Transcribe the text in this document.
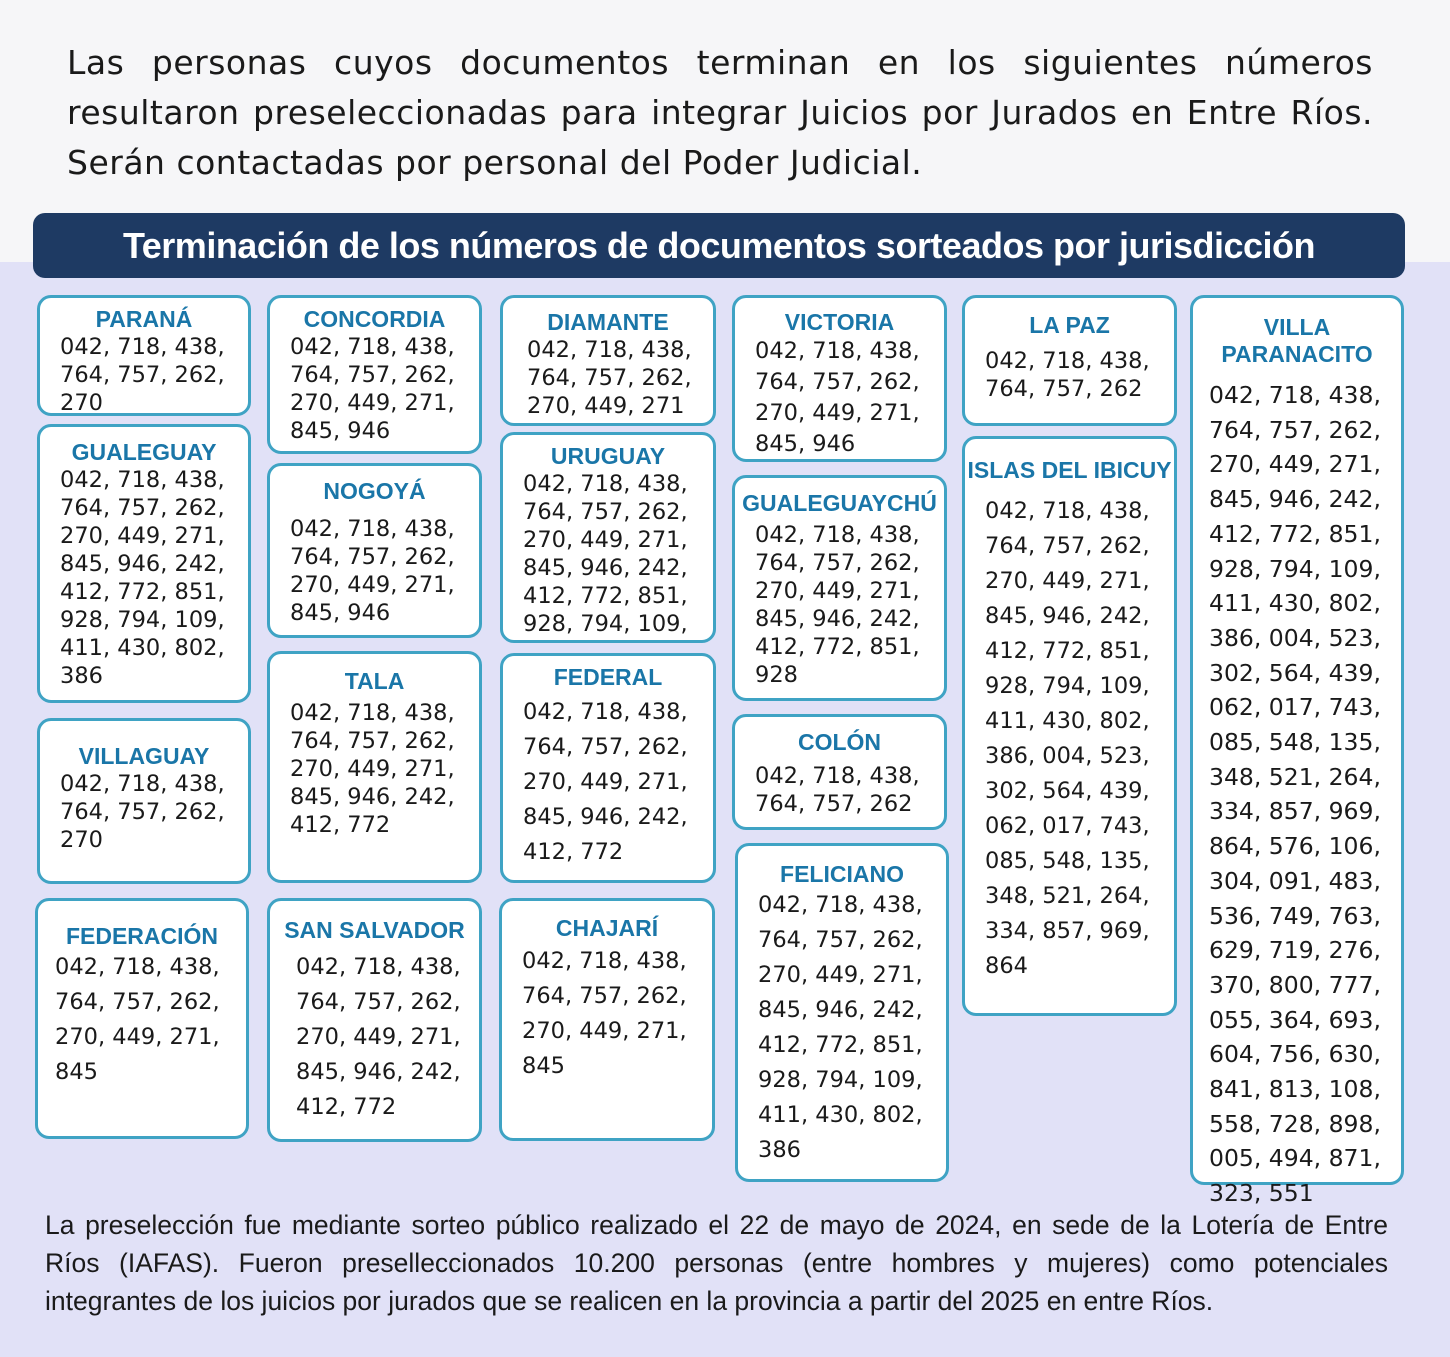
Las personas cuyos documentos terminan en los siguientes números resultaron preseleccionadas para integrar Juicios por Jurados en Entre Ríos. Serán contactadas por personal del Poder Judicial.

Terminación de los números de documentos sorteados por jurisdicción
PARANÁ
042, 718, 438,
764, 757, 262,
270
GUALEGUAY
042, 718, 438,
764, 757, 262,
270, 449, 271,
845, 946, 242,
412, 772, 851,
928, 794, 109,
411, 430, 802,
386
VILLAGUAY
042, 718, 438,
764, 757, 262,
270
FEDERACIÓN
042, 718, 438,
764, 757, 262,
270, 449, 271,
845
CONCORDIA
042, 718, 438,
764, 757, 262,
270, 449, 271,
845, 946
NOGOYÁ
042, 718, 438,
764, 757, 262,
270, 449, 271,
845, 946
TALA
042, 718, 438,
764, 757, 262,
270, 449, 271,
845, 946, 242,
412, 772
SAN SALVADOR
042, 718, 438,
764, 757, 262,
270, 449, 271,
845, 946, 242,
412, 772
DIAMANTE
042, 718, 438,
764, 757, 262,
270, 449, 271
URUGUAY
042, 718, 438,
764, 757, 262,
270, 449, 271,
845, 946, 242,
412, 772, 851,
928, 794, 109,
FEDERAL
042, 718, 438,
764, 757, 262,
270, 449, 271,
845, 946, 242,
412, 772
CHAJARÍ
042, 718, 438,
764, 757, 262,
270, 449, 271,
845
VICTORIA
042, 718, 438,
764, 757, 262,
270, 449, 271,
845, 946
GUALEGUAYCHÚ
042, 718, 438,
764, 757, 262,
270, 449, 271,
845, 946, 242,
412, 772, 851,
928
COLÓN
042, 718, 438,
764, 757, 262
FELICIANO
042, 718, 438,
764, 757, 262,
270, 449, 271,
845, 946, 242,
412, 772, 851,
928, 794, 109,
411, 430, 802,
386
LA PAZ
042, 718, 438,
764, 757, 262
ISLAS DEL IBICUY
042, 718, 438,
764, 757, 262,
270, 449, 271,
845, 946, 242,
412, 772, 851,
928, 794, 109,
411, 430, 802,
386, 004, 523,
302, 564, 439,
062, 017, 743,
085, 548, 135,
348, 521, 264,
334, 857, 969,
864
VILLA PARANACITO
042, 718, 438,
764, 757, 262,
270, 449, 271,
845, 946, 242,
412, 772, 851,
928, 794, 109,
411, 430, 802,
386, 004, 523,
302, 564, 439,
062, 017, 743,
085, 548, 135,
348, 521, 264,
334, 857, 969,
864, 576, 106,
304, 091, 483,
536, 749, 763,
629, 719, 276,
370, 800, 777,
055, 364, 693,
604, 756, 630,
841, 813, 108,
558, 728, 898,
005, 494, 871,
323, 551

La preselección fue mediante sorteo público realizado el 22 de mayo de 2024, en sede de la Lotería de Entre Ríos (IAFAS). Fueron preselleccionados 10.200 personas (entre hombres y mujeres) como potenciales integrantes de los juicios por jurados que se realicen en la provincia a partir del 2025 en entre Ríos.
